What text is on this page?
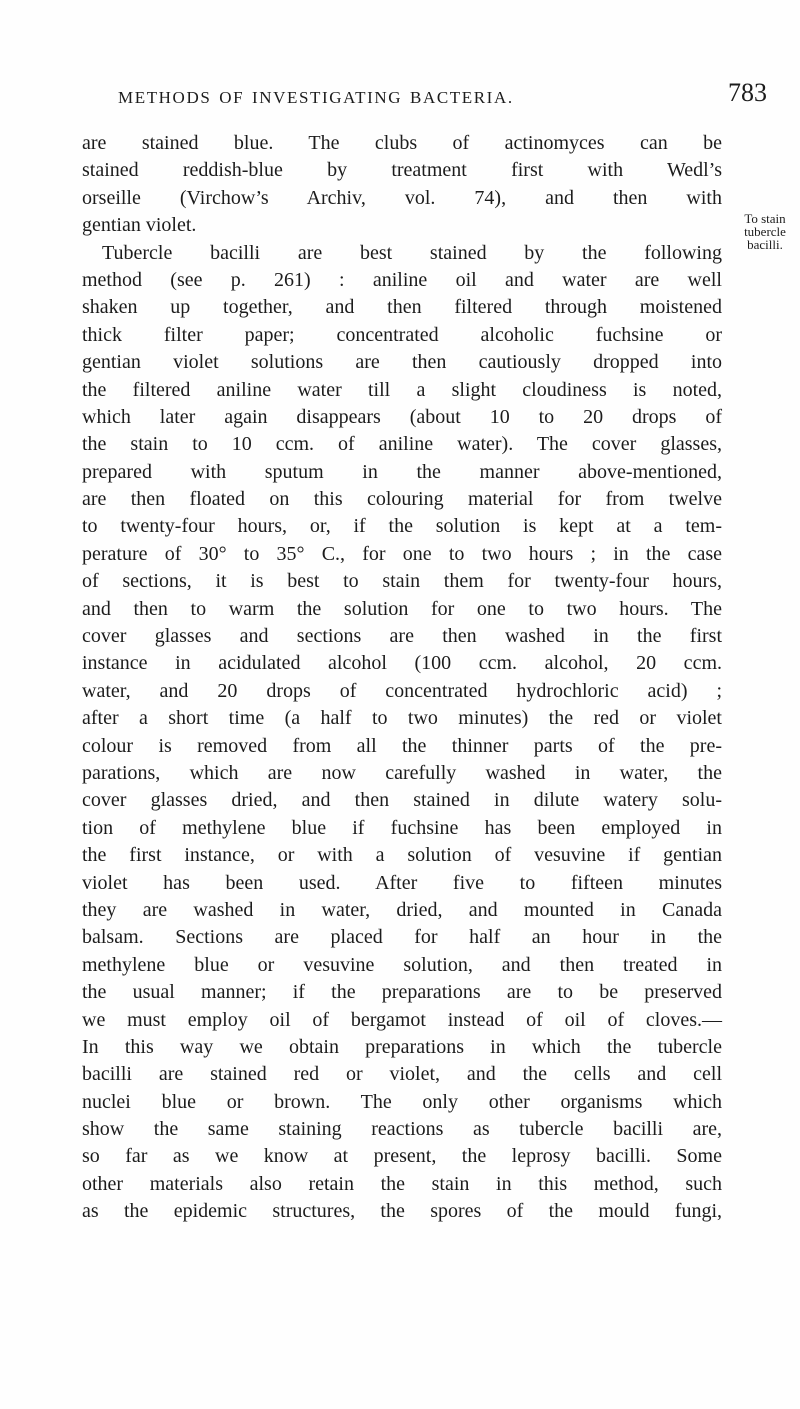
METHODS OF INVESTIGATING BACTERIA.	783
To stain
tubercle
bacilli.
are stained blue. The clubs of actinomyces can be
stained reddish-blue by treatment first with Wedl’s
orseille (Virchow’s Archiv, vol. 74), and then with
gentian violet.
Tubercle bacilli are best stained by the following
method (see p. 261) : aniline oil and water are well
shaken up together, and then filtered through moistened
thick filter paper; concentrated alcoholic fuchsine or
gentian violet solutions are then cautiously dropped into
the filtered aniline water till a slight cloudiness is noted,
which later again disappears (about 10 to 20 drops of
the stain to 10 ccm. of aniline water). The cover glasses,
prepared with sputum in the manner above-mentioned,
are then floated on this colouring material for from twelve
to twenty-four hours, or, if the solution is kept at a tem-
perature of 30° to 35° C., for one to two hours ; in the case
of sections, it is best to stain them for twenty-four hours,
and then to warm the solution for one to two hours. The
cover glasses and sections are then washed in the first
instance in acidulated alcohol (100 ccm. alcohol, 20 ccm.
water, and 20 drops of concentrated hydrochloric acid) ;
after a short time (a half to two minutes) the red or violet
colour is removed from all the thinner parts of the pre-
parations, which are now carefully washed in water, the
cover glasses dried, and then stained in dilute watery solu-
tion of methylene blue if fuchsine has been employed in
the first instance, or with a solution of vesuvine if gentian
violet has been used. After five to fifteen minutes
they are washed in water, dried, and mounted in Canada
balsam. Sections are placed for half an hour in the
methylene blue or vesuvine solution, and then treated in
the usual manner; if the preparations are to be preserved
we must employ oil of bergamot instead of oil of cloves.—
In this way we obtain preparations in which the tubercle
bacilli are stained red or violet, and the cells and cell
nuclei blue or brown. The only other organisms which
show the same staining reactions as tubercle bacilli are,
so far as we know at present, the leprosy bacilli. Some
other materials also retain the stain in this method, such
as the epidemic structures, the spores of the mould fungi,
